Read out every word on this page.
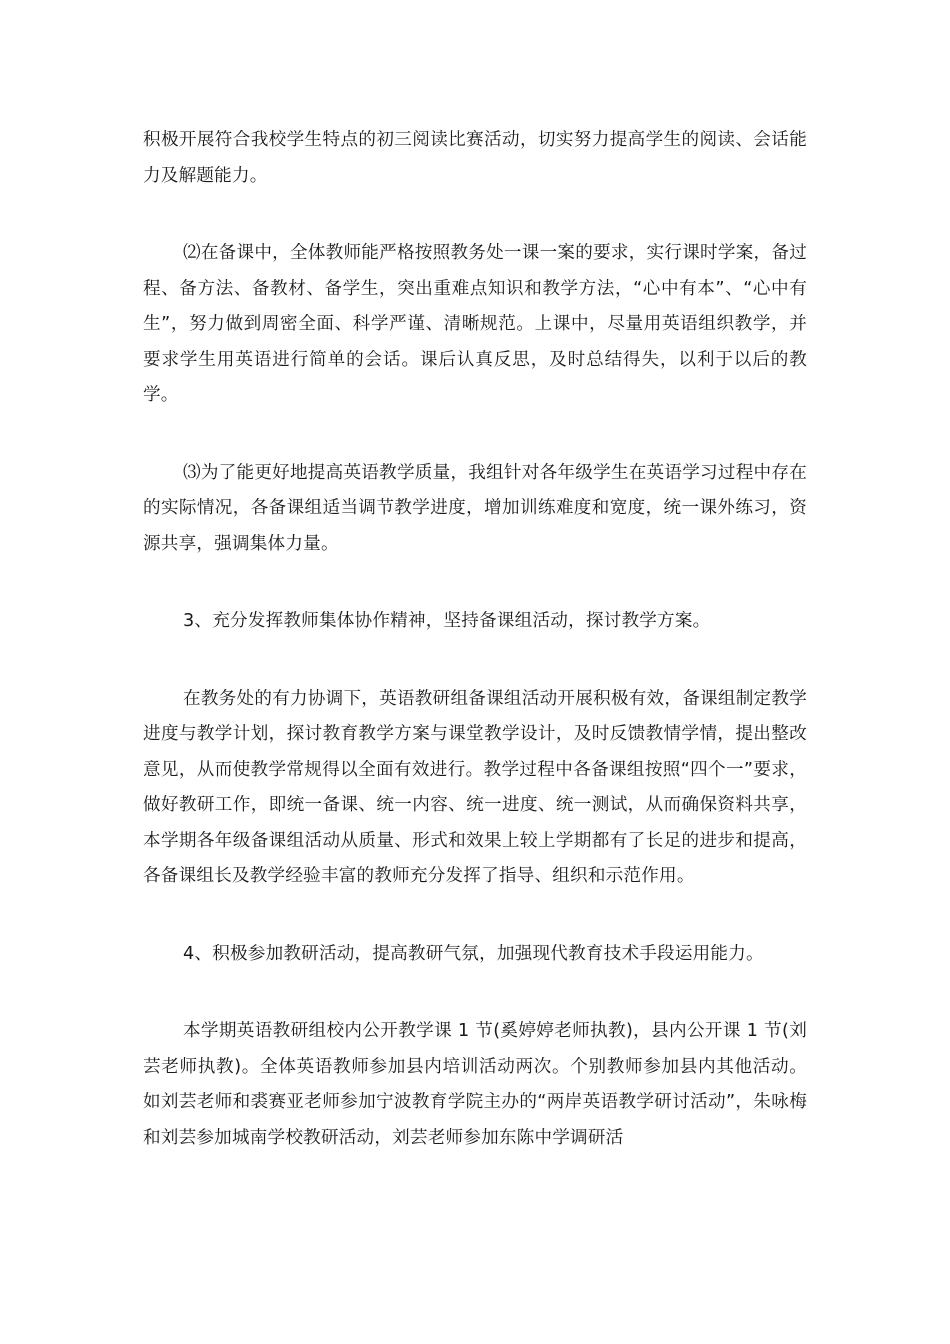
积极开展符合我校学生特点的初三阅读比赛活动，切实努力提高学生的阅读、会话能力及解题能力。

⑵在备课中，全体教师能严格按照教务处一课一案的要求，实行课时学案，备过程、备方法、备教材、备学生，突出重难点知识和教学方法，“心中有本”、“心中有生”，努力做到周密全面、科学严谨、清晰规范。上课中，尽量用英语组织教学，并要求学生用英语进行简单的会话。课后认真反思，及时总结得失，以利于以后的教学。

⑶为了能更好地提高英语教学质量，我组针对各年级学生在英语学习过程中存在的实际情况，各备课组适当调节教学进度，增加训练难度和宽度，统一课外练习，资源共享，强调集体力量。

3、充分发挥教师集体协作精神，坚持备课组活动，探讨教学方案。

在教务处的有力协调下，英语教研组备课组活动开展积极有效，备课组制定教学进度与教学计划，探讨教育教学方案与课堂教学设计，及时反馈教情学情，提出整改意见，从而使教学常规得以全面有效进行。教学过程中各备课组按照“四个一”要求，做好教研工作，即统一备课、统一内容、统一进度、统一测试，从而确保资料共享，本学期各年级备课组活动从质量、形式和效果上较上学期都有了长足的进步和提高，各备课组长及教学经验丰富的教师充分发挥了指导、组织和示范作用。

4、积极参加教研活动，提高教研气氛，加强现代教育技术手段运用能力。

本学期英语教研组校内公开教学课 1 节(奚婷婷老师执教)，县内公开课 1 节(刘芸老师执教)。全体英语教师参加县内培训活动两次。个别教师参加县内其他活动。如刘芸老师和裘赛亚老师参加宁波教育学院主办的“两岸英语教学研讨活动”，朱咏梅和刘芸参加城南学校教研活动，刘芸老师参加东陈中学调研活
